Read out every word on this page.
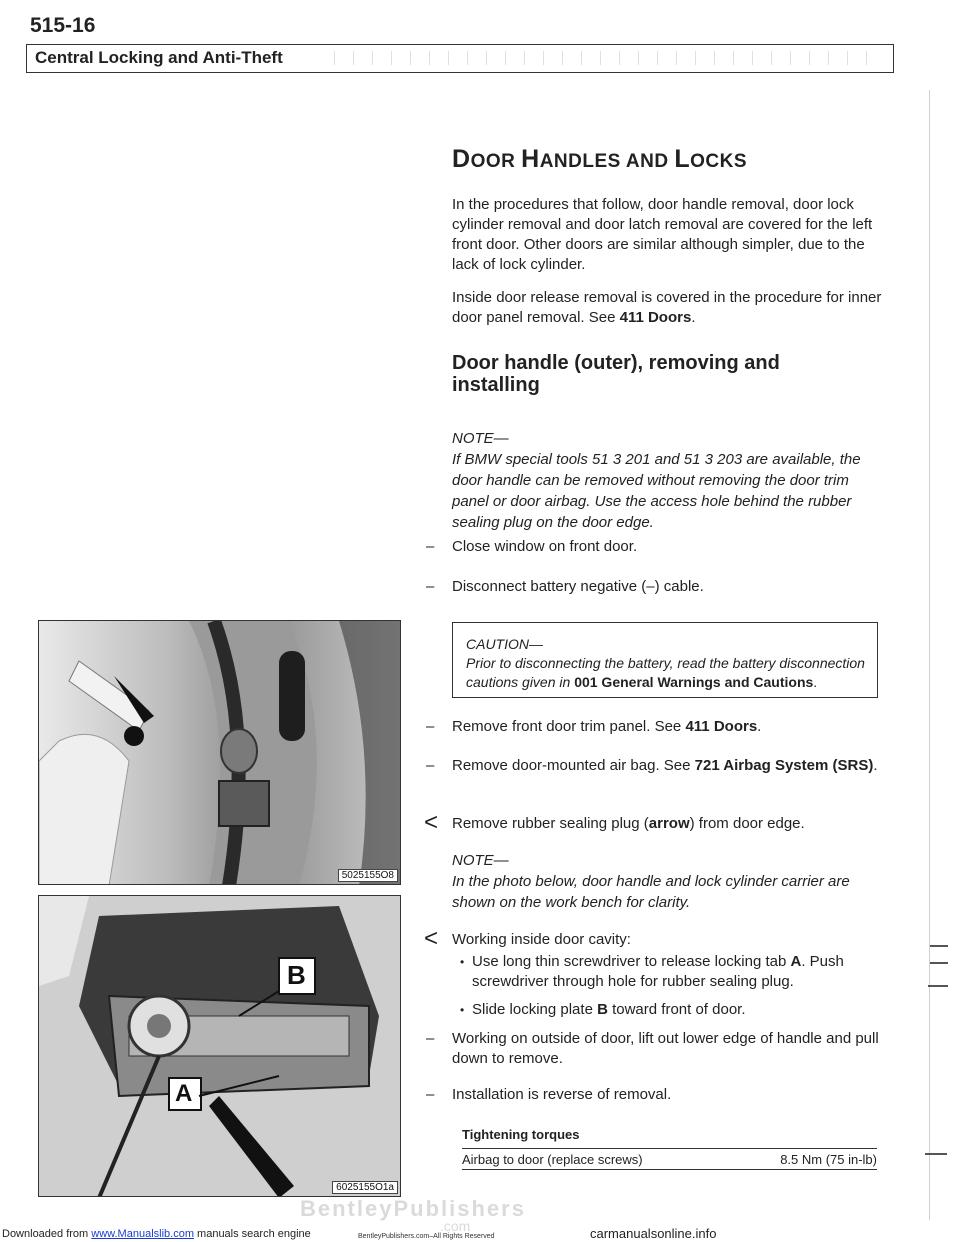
515-16
Central Locking and Anti-Theft
DOOR HANDLES AND LOCKS
In the procedures that follow, door handle removal, door lock cylinder removal and door latch removal are covered for the left front door. Other doors are similar although simpler, due to the lack of lock cylinder.
Inside door release removal is covered in the procedure for inner door panel removal. See 411 Doors.
Door handle (outer), removing and installing
NOTE—
If BMW special tools 51 3 201 and 51 3 203 are available, the door handle can be removed without removing the door trim panel or door airbag. Use the access hole behind the rubber sealing plug on the door edge.
–	Close window on front door.
–	Disconnect battery negative (–) cable.
CAUTION—
Prior to disconnecting the battery, read the battery disconnection cautions given in 001 General Warnings and Cautions.
–	Remove front door trim panel. See 411 Doors.
–	Remove door-mounted air bag. See 721 Airbag System (SRS).
< Remove rubber sealing plug (arrow) from door edge.
NOTE—
In the photo below, door handle and lock cylinder carrier are shown on the work bench for clarity.
< Working inside door cavity:
• Use long thin screwdriver to release locking tab A. Push screwdriver through hole for rubber sealing plug.
• Slide locking plate B toward front of door.
–	Working on outside of door, lift out lower edge of handle and pull down to remove.
–	Installation is reverse of removal.
Tightening torques
Airbag to door (replace screws)	8.5 Nm (75 in-lb)
5025155O8
B
A
6025155O1a
BentleyPublishers
.com
BentleyPublishers.com–All Rights Reserved
Downloaded from www.Manualslib.com manuals search engine	carmanualsonline.info
